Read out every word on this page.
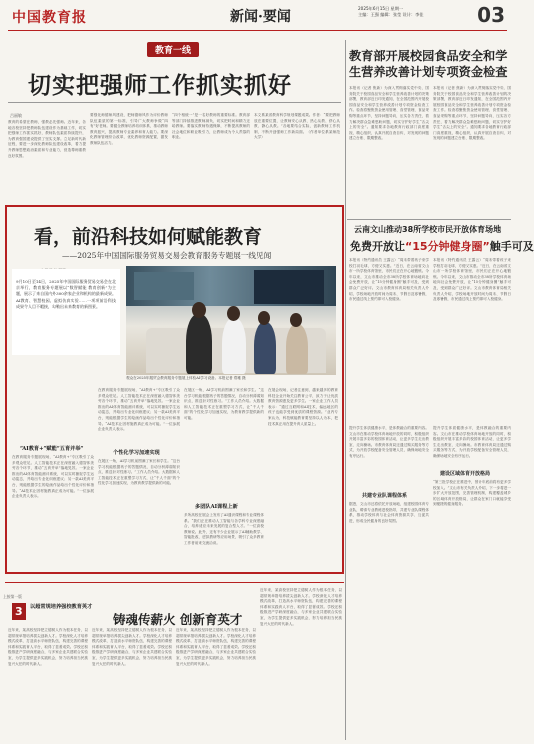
中国教育报	新闻·要闻
2025年6月15日 星期一
主编：王强 编辑：张莹 设计：李佳	03
教育一线
切实把强师工作抓实抓好
吕丽敏
教育的希望在教师，强教必先强师。近年来，各地各校坚持把教师队伍建设作为基础工作，切实把强师工作抓实抓好，教师队伍素质持续提升，为教育强国建设提供了坚实支撑。立足新时代新征程，要进一步深化教师队伍建设改革，着力提升教师思想政治素质和专业能力，营造尊师重教良好氛围。
要强化师德师风建设，把师德师风作为评价教师队伍素质的第一标准，引导广大教师争做“四有”好老师。要健全教师培养培训体系，推动教师教育振兴，提高教师专业素养和育人能力。要深化教师管理综合改革，优化教师资源配置，激发教师队伍活力。
“四个相统一”是一名好教师的重要标准。教育部等部门持续推进教师减负，切实把时间和精力还给教师。要落实教师待遇保障，不断提高教师的社会地位和职业吸引力，让教师成为令人羡慕的职业。
本文系某省教育科学规划课题成果。作者：“要把教师放在重要位置，让教师安心从教、热心从教、舒心从教、静心从教。”各地要结合实际，创新教师工作机制，不断开创强师工作新局面。（作者单位系某师范大学）
教育部开展校园食品安全和学生营养改善计划专项资金检查
本报讯（记者 焦新）为深入贯彻落实党中央、国务院关于校园食品安全和学生营养改善计划的决策部署，教育部近日印发通知，在全国范围内开展校园食品安全和学生营养改善计划专项资金检查工作。检查将聚焦资金使用管理、食堂管理、食品采购等重点环节，坚持问题导向，压实各方责任，着力解决群众急难愁盼问题，切实守护好学生“舌尖上的安全”。通知要求各地教育行政部门高度重视，精心组织，认真开展自查自纠，对发现的问题建立台账、限期整改。
本报讯（记者 焦新）为深入贯彻落实党中央、国务院关于校园食品安全和学生营养改善计划的决策部署，教育部近日印发通知，在全国范围内开展校园食品安全和学生营养改善计划专项资金检查工作。检查将聚焦资金使用管理、食堂管理、食品采购等重点环节，坚持问题导向，压实各方责任，着力解决群众急难愁盼问题，切实守护好学生“舌尖上的安全”。通知要求各地教育行政部门高度重视，精心组织，认真开展自查自纠，对发现的问题建立台账、限期整改。
云南文山推动38所学校市民开放体育场地
免费开放让“15分钟健身圈”触手可及
本报讯（特约通讯员 王露云）“周末带着孩子来学校打羽毛球，方便又实惠。”近日，在云南省文山市一所学校体育馆里，市民们正在开心地锻炼。今年以来，文山市推动全市38所学校体育场地向社会免费开放，让“15分钟健身圈”触手可及，受到群众广泛好评。文山市教育体育局相关负责人介绍，学校场地开放时间为周末、节假日及寒暑假，市民通过线上预约即可入校健身。
本报讯（特约通讯员 王露云）“周末带着孩子来学校打羽毛球，方便又实惠。”近日，在云南省文山市一所学校体育馆里，市民们正在开心地锻炼。今年以来，文山市推动全市38所学校体育场地向社会免费开放，让“15分钟健身圈”触手可及，受到群众广泛好评。文山市教育体育局相关负责人介绍，学校场地开放时间为周末、节假日及寒暑假，市民通过线上预约即可入校健身。
提升学生体质健康水平，是体教融合的重要内容。文山市在推动学校体育场地开放的同时，积极组织开展丰富多彩的校园体育活动，让更多学生走出教室、走向操场。市教育体育局还通过购买服务等方式，为开放学校配备安全管理人员，确保场地安全有序运行。
提升学生体质健康水平，是体教融合的重要内容。文山市在推动学校体育场地开放的同时，积极组织开展丰富多彩的校园体育活动，让更多学生走出教室、走向操场。市教育体育局还通过购买服务等方式，为开放学校配备安全管理人员，确保场地安全有序运行。
建设区域体育开放格局
“第三批学校正在推进中，预计年底前将有更多学校加入。”文山市有关负责人介绍，下一步将进一步扩大开放范围，完善管理机制，构建覆盖城乡的区域体育开放格局，让群众在家门口就能享受到便捷的健身服务。
共建专业队课程体系
据悉，文山市还将依托开放场地，组建校园体育专业队，聘请专业教练进校指导，共建专业队课程体系，推动学校体育与社会体育资源共享、互促共进，形成全民健身的良好氛围。
看，前沿科技如何赋能教育
——2025年中国国际服务贸易交易会教育服务专题展一线见闻
9月10日至14日，2025年中国国际服务贸易交易会在北京举行，教育服务专题展以“数智赋能 教育创新”为主题，展示了来自国内外300余家企业和机构的最新成果。AI教育、智慧校园、虚拟仿真实验……一项项前沿科技成果令人目不暇接，勾勒出未来教育的新图景。
观众在2025年服贸会教育服务专题展上体验AI学习设备。本报记者 郑雅 摄
“AI教育+”赋能“五育并举”
在教育服务专题展现场，“AI教育+”专区吸引了众多观众驻足。人工智能技术正在深度融入德智体美劳各个环节，推动“五育并举”落地见效。一家企业推出的AI体育智能测评系统，可以实时捕捉学生运动姿态，并给出专业化训练建议；另一款AI美育平台，则能根据学生的绘画作品给出个性化评价和指导。“AI技术让因材施教真正成为可能。”一位参展企业负责人表示。
在教育服务专题展现场，“AI教育+”专区吸引了众多观众驻足。人工智能技术正在深度融入德智体美劳各个环节，推动“五育并举”落地见效。一家企业推出的AI体育智能测评系统，可以实时捕捉学生运动姿态，并给出专业化训练建议；另一款AI美育平台，则能根据学生的绘画作品给出个性化评价和指导。“AI技术让因材施教真正成为可能。”一位参展企业负责人表示。
个性化学习加速实现
在展区一角，AI学习机前围满了家长和学生。“这台学习机能根据孩子的答题情况，自动分析薄弱知识点，推送针对性练习。”工作人员介绍。大数据和人工智能技术正在重塑学习方式，让“千人千面”的个性化学习加速实现，为教育教学提供新的可能。
在展区一角，AI学习机前围满了家长和学生。“这台学习机能根据孩子的答题情况，自动分析薄弱知识点，推送针对性练习。”工作人员介绍。大数据和人工智能技术正在重塑学习方式，让“千人千面”的个性化学习加速实现，为教育教学提供新的可能。
多团队AI课程上新
多所高校在展会上发布了AI通识课程和专业课程体系。“我们正在推动人工智能与各学科专业深度融合，培养适应未来发展的复合型人才。”一位高校教师说。此外，还有不少企业展示了AI辅助教学、智能批改、虚拟教研等应用场景，吸引了众多教育工作者前来交流洽谈。
在展会现场，记者注意到，越来越多的教育科技企业开始关注教育公平，致力于让优质教育资源惠及更多学生。一家企业工作人员表示：“通过互联网和AI技术，偏远地区的孩子也能享受到优质的课程资源。”业内专家认为，科技赋能教育要坚持以人为本，把技术真正用在提升育人质量上。
上接第一版
3	以超常规培养强校教育英才
铸魂传薪火 创新育英才
近年来，某高校坚持把立德树人作为根本任务，以超常规举措培养拔尖创新人才。学校深化人才培养模式改革，打造高水平师资队伍，构建完善的课程体系和实践育人平台，取得了显著成效。学校还积极推进产学研深度融合，与多家企业共建联合实验室，为学生提供更多实践机会，努力培养担当民族复兴大任的时代新人。
近年来，某高校坚持把立德树人作为根本任务，以超常规举措培养拔尖创新人才。学校深化人才培养模式改革，打造高水平师资队伍，构建完善的课程体系和实践育人平台，取得了显著成效。学校还积极推进产学研深度融合，与多家企业共建联合实验室，为学生提供更多实践机会，努力培养担当民族复兴大任的时代新人。
近年来，某高校坚持把立德树人作为根本任务，以超常规举措培养拔尖创新人才。学校深化人才培养模式改革，打造高水平师资队伍，构建完善的课程体系和实践育人平台，取得了显著成效。学校还积极推进产学研深度融合，与多家企业共建联合实验室，为学生提供更多实践机会，努力培养担当民族复兴大任的时代新人。
近年来，某高校坚持把立德树人作为根本任务，以超常规举措培养拔尖创新人才。学校深化人才培养模式改革，打造高水平师资队伍，构建完善的课程体系和实践育人平台，取得了显著成效。学校还积极推进产学研深度融合，与多家企业共建联合实验室，为学生提供更多实践机会，努力培养担当民族复兴大任的时代新人。
